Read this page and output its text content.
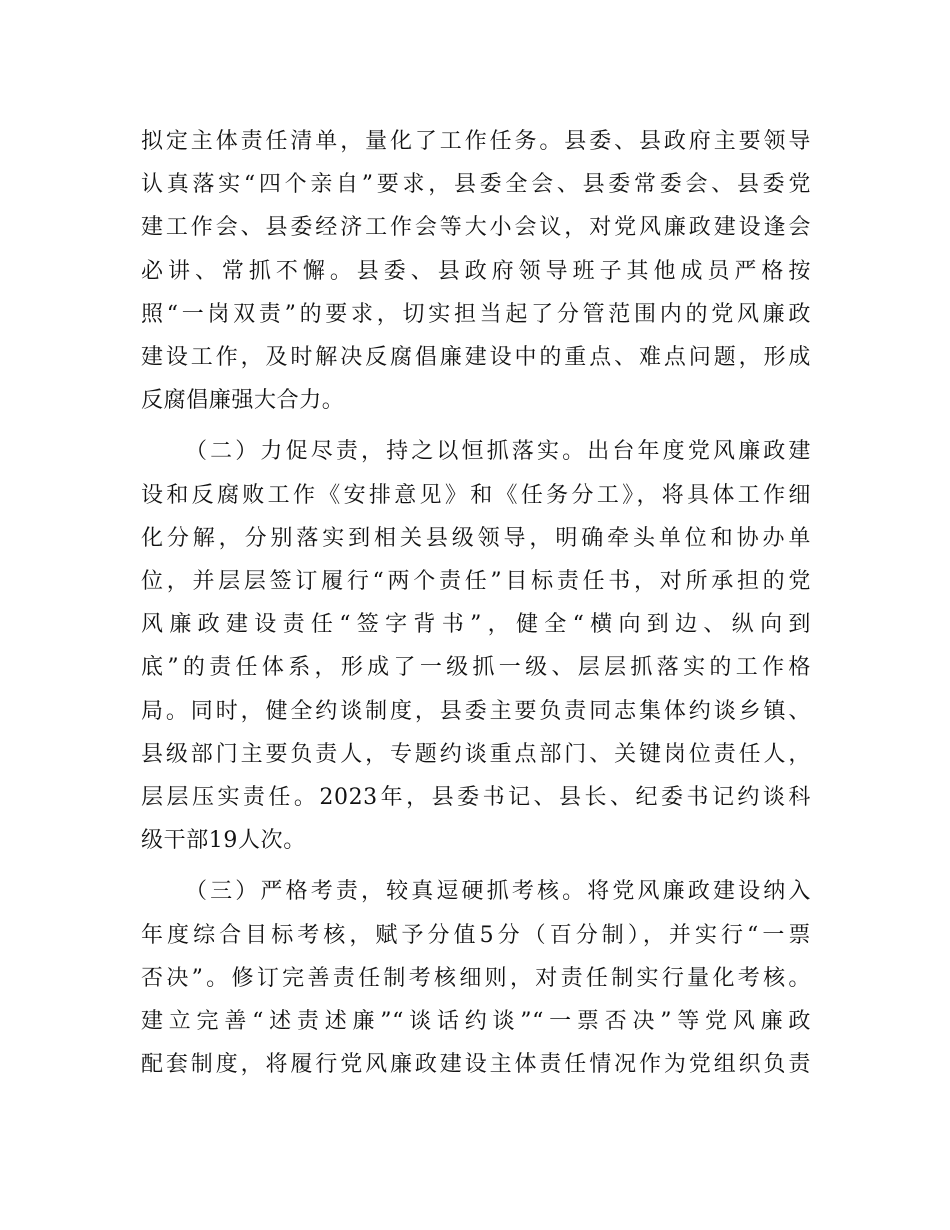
拟定主体责任清单，量化了工作任务。县委、县政府主要领导
认真落实“四个亲自”要求，县委全会、县委常委会、县委党
建工作会、县委经济工作会等大小会议，对党风廉政建设逢会
必讲、常抓不懈。县委、县政府领导班子其他成员严格按
照“一岗双责”的要求，切实担当起了分管范围内的党风廉政
建设工作，及时解决反腐倡廉建设中的重点、难点问题，形成
反腐倡廉强大合力。

（二）力促尽责，持之以恒抓落实。出台年度党风廉政建
设和反腐败工作《安排意见》和《任务分工》，将具体工作细
化分解，分别落实到相关县级领导，明确牵头单位和协办单
位，并层层签订履行“两个责任”目标责任书，对所承担的党
风廉政建设责任“签字背书”，健全“横向到边、纵向到
底”的责任体系，形成了一级抓一级、层层抓落实的工作格
局。同时，健全约谈制度，县委主要负责同志集体约谈乡镇、
县级部门主要负责人，专题约谈重点部门、关键岗位责任人，
层层压实责任。2023年，县委书记、县长、纪委书记约谈科
级干部19人次。

（三）严格考责，较真逗硬抓考核。将党风廉政建设纳入
年度综合目标考核，赋予分值5分（百分制），并实行“一票
否决”。修订完善责任制考核细则，对责任制实行量化考核。
建立完善“述责述廉”“谈话约谈”“一票否决”等党风廉政
配套制度，将履行党风廉政建设主体责任情况作为党组织负责
